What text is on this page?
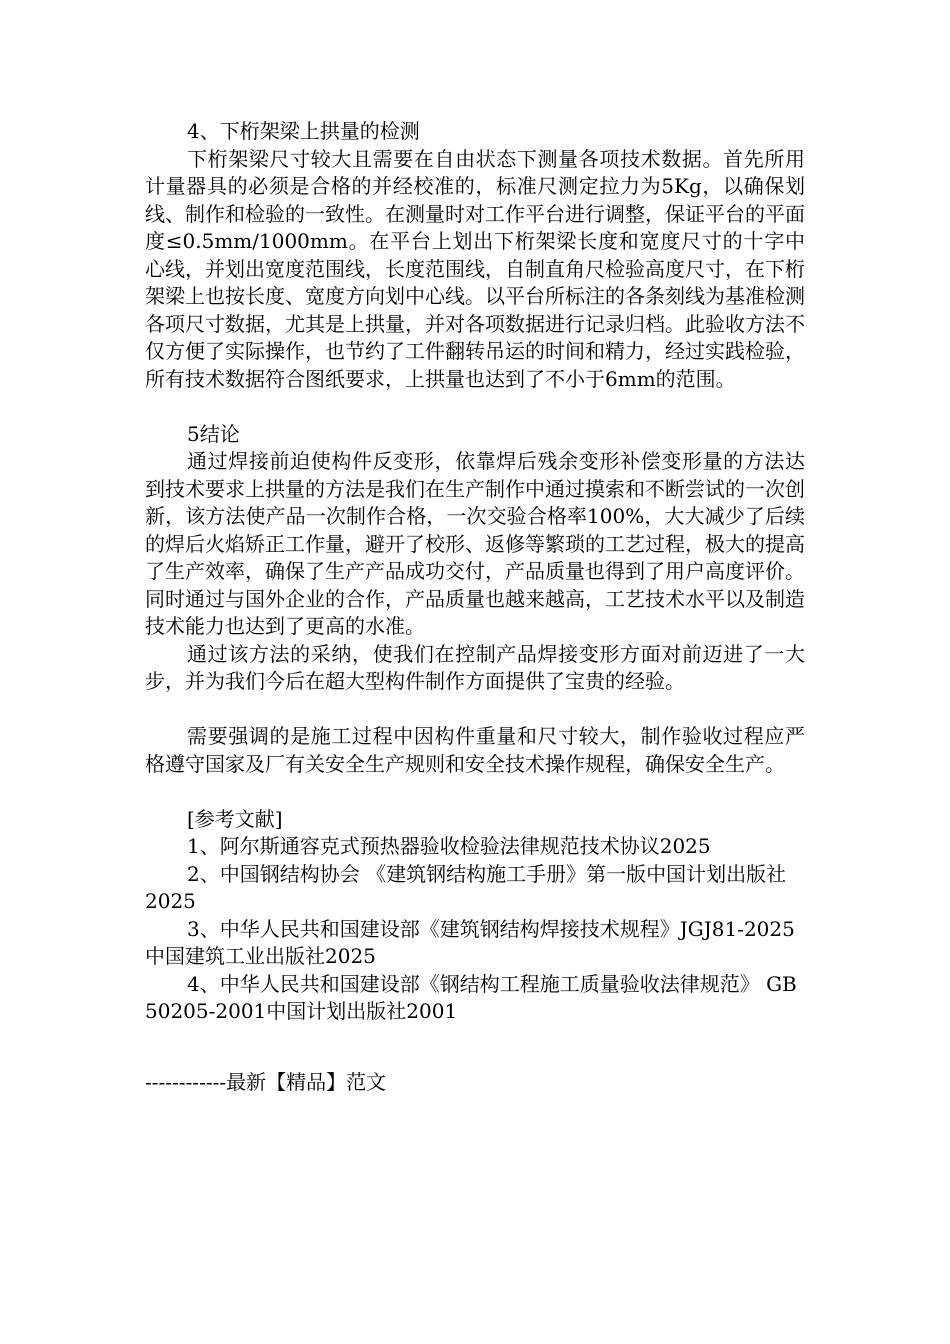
4、下桁架梁上拱量的检测

下桁架梁尺寸较大且需要在自由状态下测量各项技术数据。首先所用计量器具的必须是合格的并经校准的，标准尺测定拉力为5Kg，以确保划线、制作和检验的一致性。在测量时对工作平台进行调整，保证平台的平面度≤0.5mm/1000mm。在平台上划出下桁架梁长度和宽度尺寸的十字中心线，并划出宽度范围线，长度范围线，自制直角尺检验高度尺寸，在下桁架梁上也按长度、宽度方向划中心线。以平台所标注的各条刻线为基准检测各项尺寸数据，尤其是上拱量，并对各项数据进行记录归档。此验收方法不仅方便了实际操作，也节约了工件翻转吊运的时间和精力，经过实践检验，所有技术数据符合图纸要求，上拱量也达到了不小于6mm的范围。

5结论

通过焊接前迫使构件反变形，依靠焊后残余变形补偿变形量的方法达到技术要求上拱量的方法是我们在生产制作中通过摸索和不断尝试的一次创新，该方法使产品一次制作合格，一次交验合格率100%，大大减少了后续的焊后火焰矫正工作量，避开了校形、返修等繁琐的工艺过程，极大的提高了生产效率，确保了生产产品成功交付，产品质量也得到了用户高度评价。同时通过与国外企业的合作，产品质量也越来越高，工艺技术水平以及制造技术能力也达到了更高的水准。

通过该方法的采纳，使我们在控制产品焊接变形方面对前迈进了一大步，并为我们今后在超大型构件制作方面提供了宝贵的经验。

需要强调的是施工过程中因构件重量和尺寸较大，制作验收过程应严格遵守国家及厂有关安全生产规则和安全技术操作规程，确保安全生产。

[参考文献]

1、阿尔斯通容克式预热器验收检验法律规范技术协议2025

2、中国钢结构协会 《建筑钢结构施工手册》第一版中国计划出版社 2025

3、中华人民共和国建设部《建筑钢结构焊接技术规程》JGJ81-2025中国建筑工业出版社2025

4、中华人民共和国建设部《钢结构工程施工质量验收法律规范》 GB50205-2001中国计划出版社2001

------------最新【精品】范文
